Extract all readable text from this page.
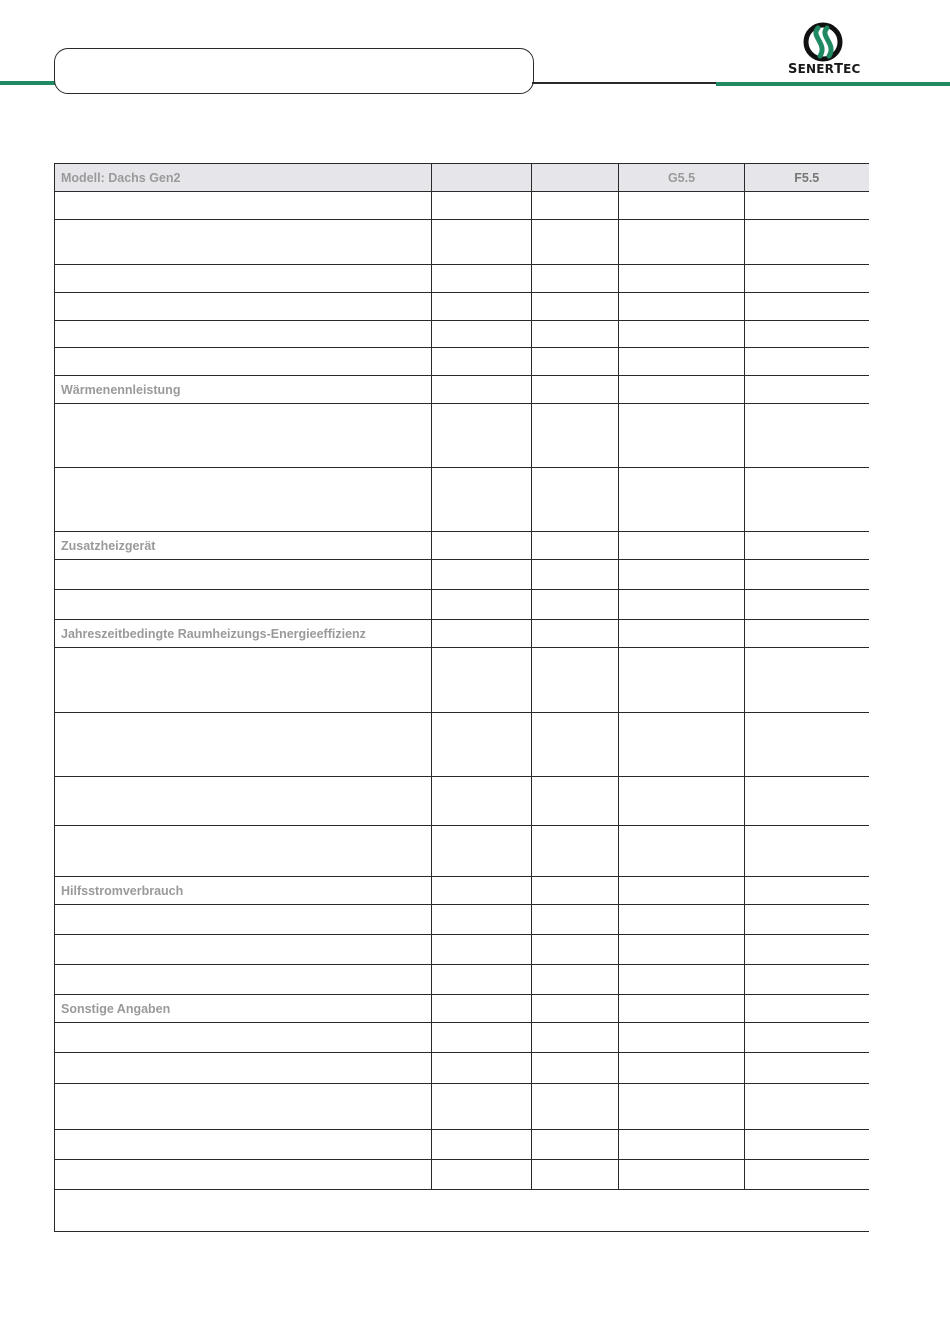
SENERTEC
Modell: Dachs Gen2			G5.5	F5.5

Wärmenennleistung				

Zusatzheizgerät				

Jahreszeitbedingte Raumheizungs-Energieeffizienz				

Hilfsstromverbrauch				

Sonstige Angaben				
